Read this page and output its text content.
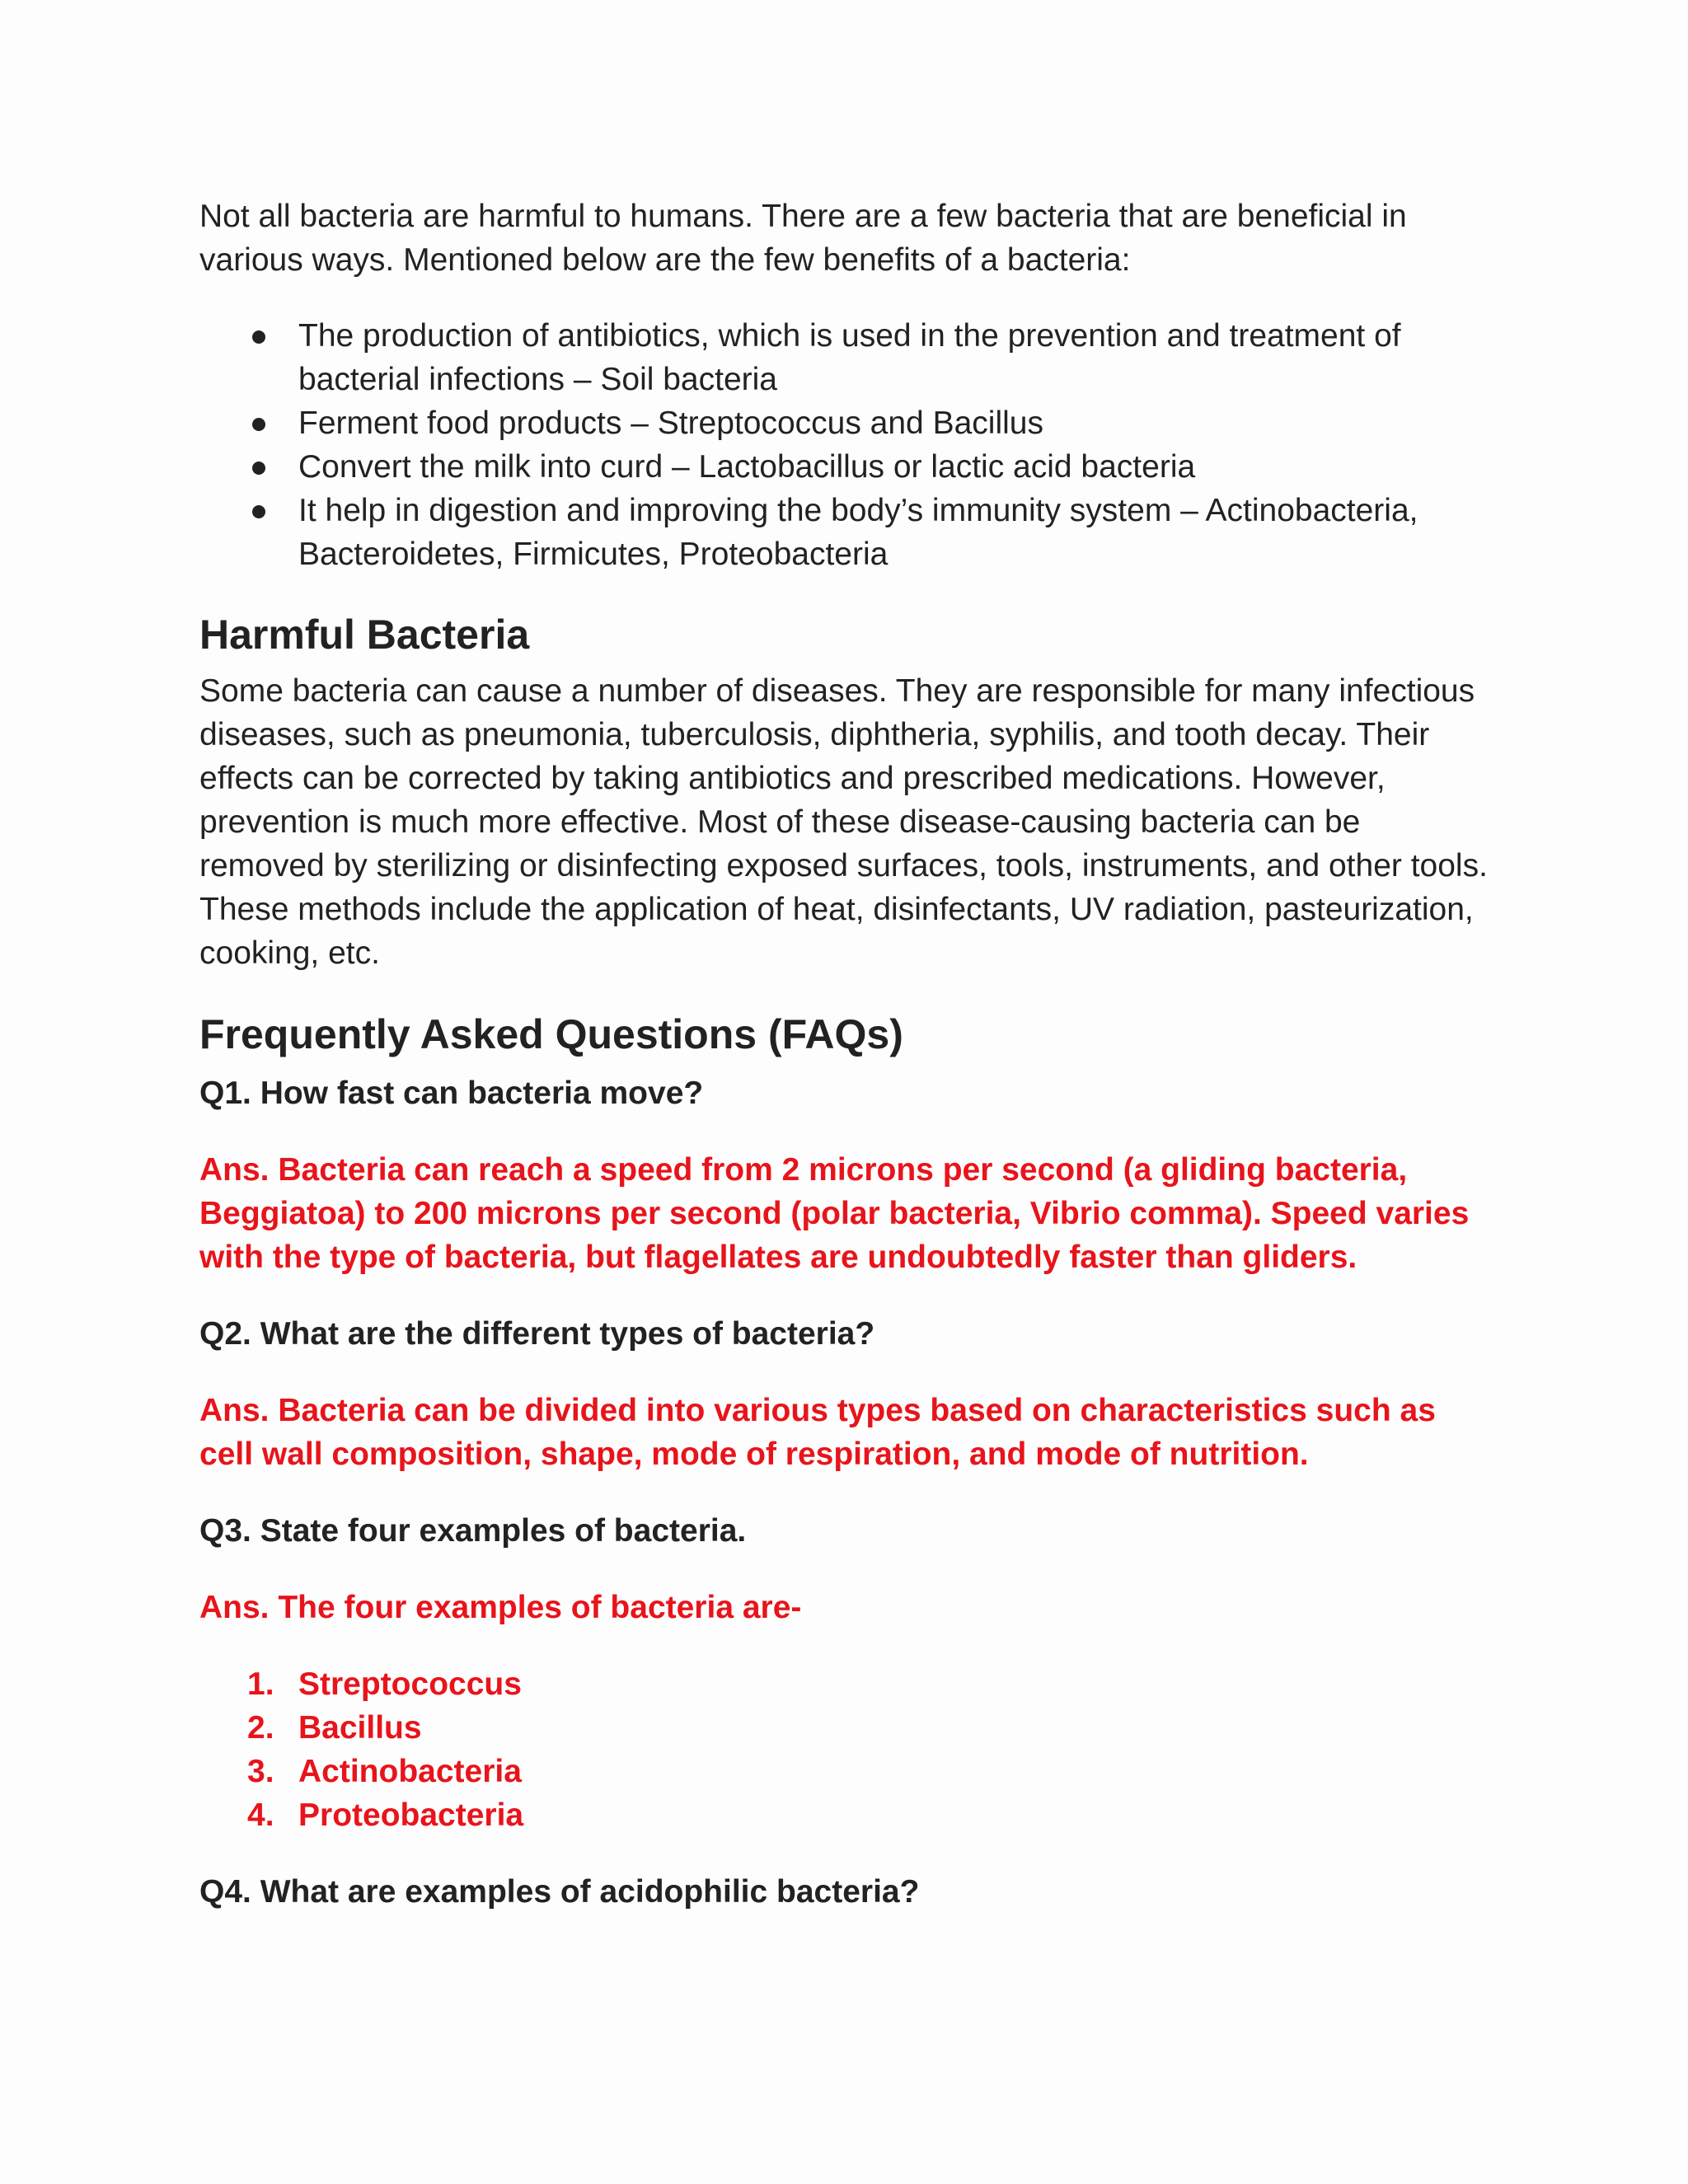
Not all bacteria are harmful to humans. There are a few bacteria that are beneficial in various ways. Mentioned below are the few benefits of a bacteria:

The production of antibiotics, which is used in the prevention and treatment of bacterial infections – Soil bacteria
Ferment food products – Streptococcus and Bacillus
Convert the milk into curd – Lactobacillus or lactic acid bacteria
It help in digestion and improving the body’s immunity system – Actinobacteria, Bacteroidetes, Firmicutes, Proteobacteria
Harmful Bacteria

Some bacteria can cause a number of diseases. They are responsible for many infectious diseases, such as pneumonia, tuberculosis, diphtheria, syphilis, and tooth decay. Their effects can be corrected by taking antibiotics and prescribed medications. However, prevention is much more effective. Most of these disease-causing bacteria can be removed by sterilizing or disinfecting exposed surfaces, tools, instruments, and other tools. These methods include the application of heat, disinfectants, UV radiation, pasteurization, cooking, etc.

Frequently Asked Questions (FAQs)

Q1. How fast can bacteria move?

Ans. Bacteria can reach a speed from 2 microns per second (a gliding bacteria, Beggiatoa) to 200 microns per second (polar bacteria, Vibrio comma). Speed varies with the type of bacteria, but flagellates are undoubtedly faster than gliders.

Q2. What are the different types of bacteria?

Ans. Bacteria can be divided into various types based on characteristics such as cell wall composition, shape, mode of respiration, and mode of nutrition.

Q3. State four examples of bacteria.

Ans. The four examples of bacteria are-

1. Streptococcus
2. Bacillus
3. Actinobacteria
4. Proteobacteria

Q4. What are examples of acidophilic bacteria?
